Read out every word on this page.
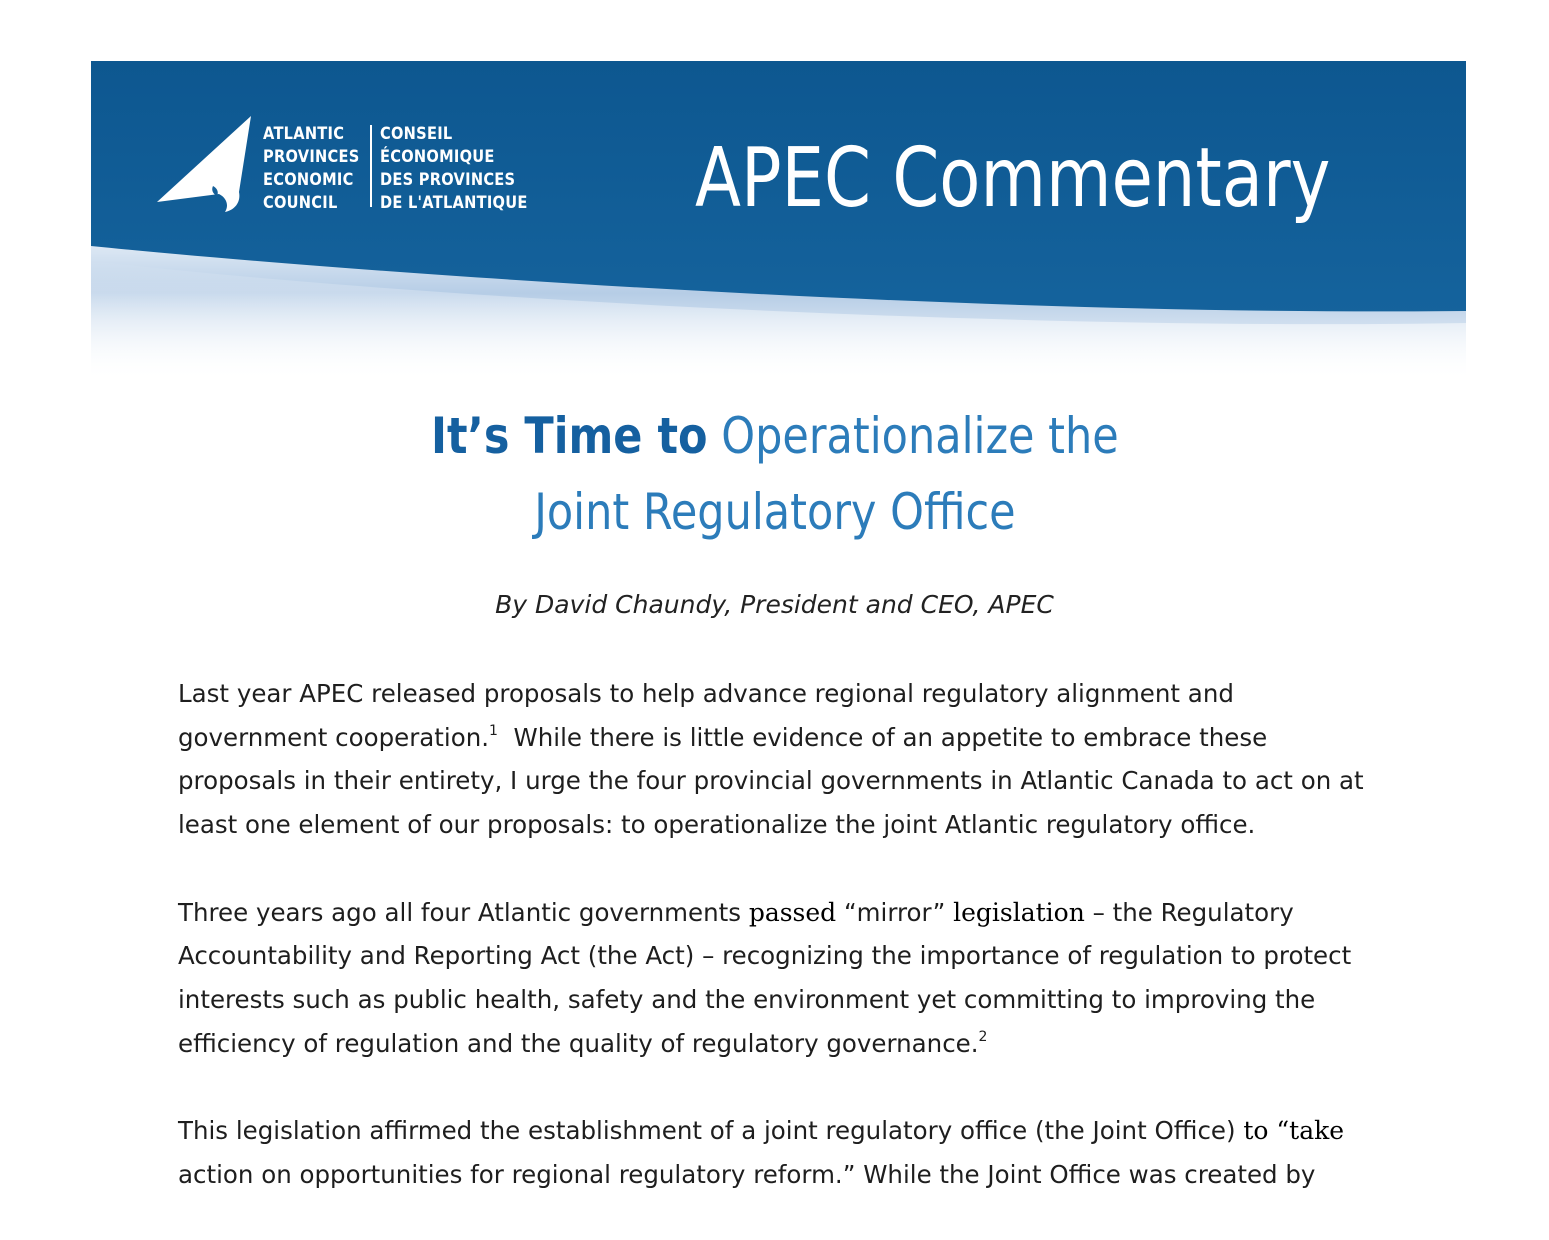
ATLANTIC
PROVINCES
ECONOMIC
COUNCIL
CONSEIL
ÉCONOMIQUE
DES PROVINCES
DE L'ATLANTIQUE APEC Commentary
It’s Time to Operationalize the
Joint Regulatory Office
By David Chaundy, President and CEO, APEC

Last year APEC released proposals to help advance regional regulatory alignment and
government cooperation.$^1$  While there is little evidence of an appetite to embrace these
proposals in their entirety, I urge the four provincial governments in Atlantic Canada to act on at
least one element of our proposals: to operationalize the joint Atlantic regulatory office.

Three years ago all four Atlantic governments passed “mirror” legislation – the Regulatory
Accountability and Reporting Act (the Act) – recognizing the importance of regulation to protect
interests such as public health, safety and the environment yet committing to improving the
efficiency of regulation and the quality of regulatory governance.$^2$

This legislation affirmed the establishment of a joint regulatory office (the Joint Office) to “take
action on opportunities for regional regulatory reform.” While the Joint Office was created by
